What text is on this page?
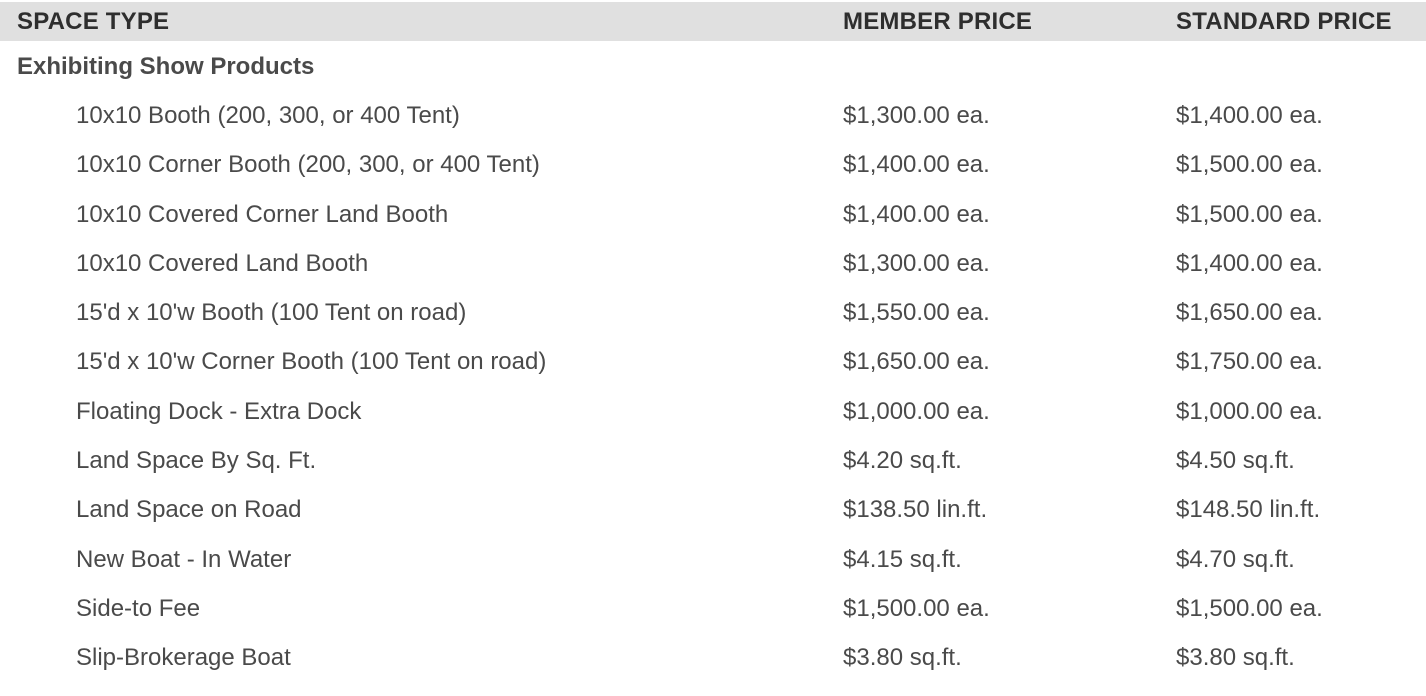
SPACE TYPE	MEMBER PRICE	STANDARD PRICE
Exhibiting Show Products
10x10 Booth (200, 300, or 400 Tent)	$1,300.00 ea.	$1,400.00 ea.
10x10 Corner Booth (200, 300, or 400 Tent)	$1,400.00 ea.	$1,500.00 ea.
10x10 Covered Corner Land Booth	$1,400.00 ea.	$1,500.00 ea.
10x10 Covered Land Booth	$1,300.00 ea.	$1,400.00 ea.
15'd x 10'w Booth (100 Tent on road)	$1,550.00 ea.	$1,650.00 ea.
15'd x 10'w Corner Booth (100 Tent on road)	$1,650.00 ea.	$1,750.00 ea.
Floating Dock - Extra Dock	$1,000.00 ea.	$1,000.00 ea.
Land Space By Sq. Ft.	$4.20 sq.ft.	$4.50 sq.ft.
Land Space on Road	$138.50 lin.ft.	$148.50 lin.ft.
New Boat - In Water	$4.15 sq.ft.	$4.70 sq.ft.
Side-to Fee	$1,500.00 ea.	$1,500.00 ea.
Slip-Brokerage Boat	$3.80 sq.ft.	$3.80 sq.ft.
